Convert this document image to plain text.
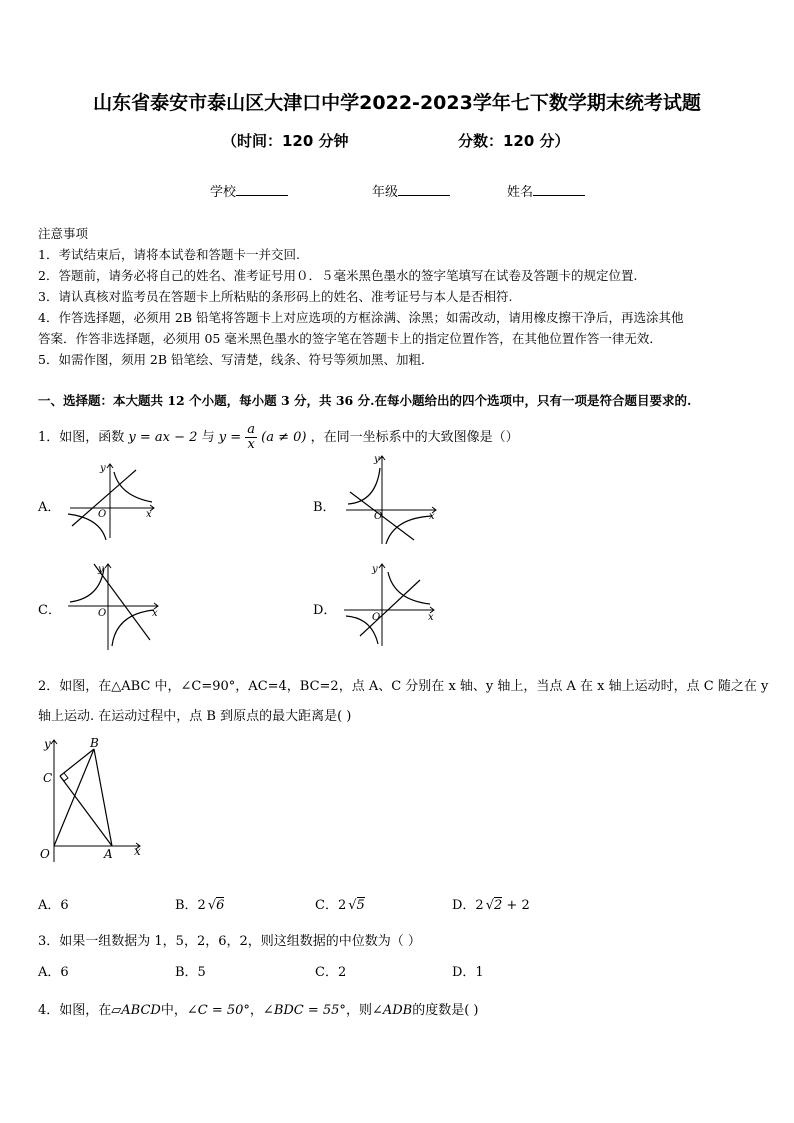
山东省泰安市泰山区大津口中学2022-2023学年七下数学期末统考试题
（时间：120 分钟	分数：120 分）
学校	年级	姓名
注意事项
1．考试结束后，请将本试卷和答题卡一并交回.
2．答题前，请务必将自己的姓名、准考证号用０．５毫米黑色墨水的签字笔填写在试卷及答题卡的规定位置.
3．请认真核对监考员在答题卡上所粘贴的条形码上的姓名、准考证号与本人是否相符.
4．作答选择题，必须用 2B 铅笔将答题卡上对应选项的方框涂满、涂黑；如需改动，请用橡皮擦干净后，再选涂其他
答案．作答非选择题，必须用 05 毫米黑色墨水的签字笔在答题卡上的指定位置作答，在其他位置作答一律无效．
5．如需作图，须用 2B 铅笔绘、写清楚，线条、符号等须加黑、加粗．
一、选择题：本大题共 12 个小题，每小题 3 分，共 36 分.在每小题给出的四个选项中，只有一项是符合题目要求的.
1．如图，函数 y = ax − 2 与 $y = \frac{a}{x} (a \ne 0)$ ，在同一坐标系中的大致图像是（）
A．
y
x
O	B．
y
x
O
C．
y
x
O	D．
y
x
O
2．如图，在△ABC 中，∠C=90°，AC=4，BC=2，点 A、C 分别在 x 轴、y 轴上，当点 A 在 x 轴上运动时，点 C 随之在 y
轴上运动. 在运动过程中，点 B 到原点的最大距离是( )
y
x
O	A
B
C
A．6	B．2 √6	C．2 √5	D．2 √2 + 2
3．如果一组数据为 1，5，2，6，2，则这组数据的中位数为（ ）
A．6	B．5	C．2	D．1
4．如图，在▱ABCD中，∠C = 50°，∠BDC = 55°，则∠ADB的度数是( )
